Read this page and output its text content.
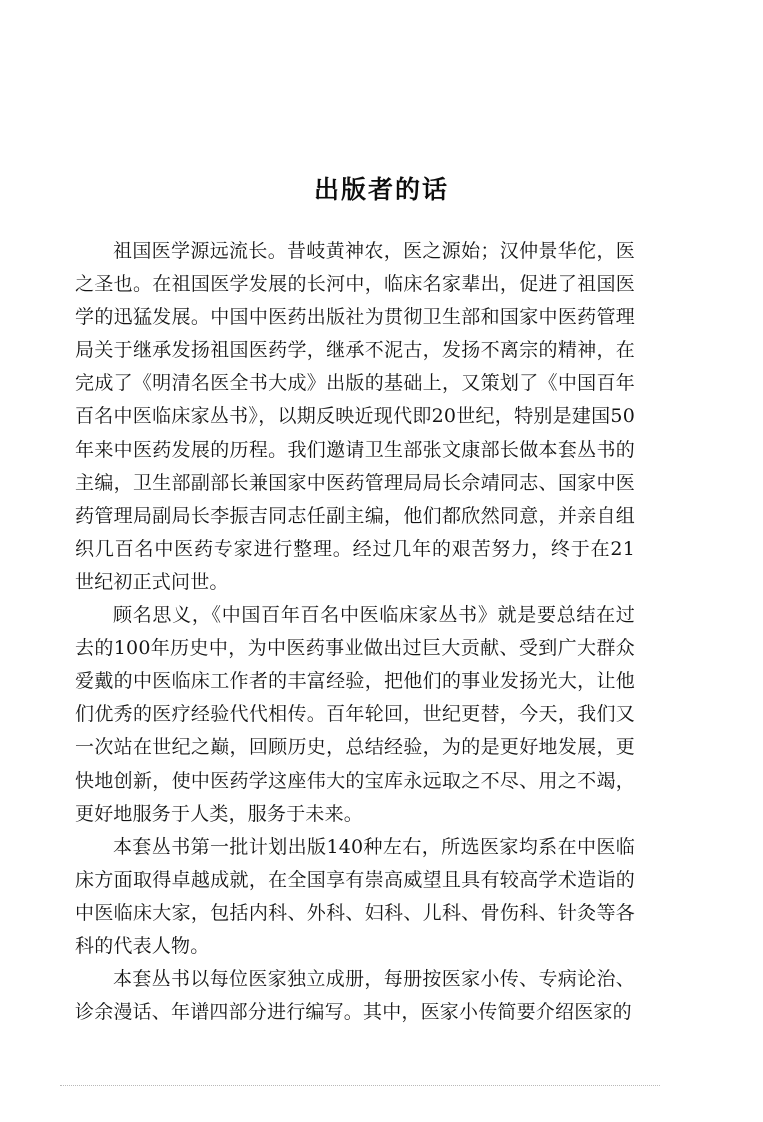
出版者的话

祖国医学源远流长。昔岐黄神农，医之源始；汉仲景华佗，医之圣也。在祖国医学发展的长河中，临床名家辈出，促进了祖国医学的迅猛发展。中国中医药出版社为贯彻卫生部和国家中医药管理局关于继承发扬祖国医药学，继承不泥古，发扬不离宗的精神，在完成了《明清名医全书大成》出版的基础上，又策划了《中国百年百名中医临床家丛书》，以期反映近现代即20世纪，特别是建国50年来中医药发展的历程。我们邀请卫生部张文康部长做本套丛书的主编，卫生部副部长兼国家中医药管理局局长佘靖同志、国家中医药管理局副局长李振吉同志任副主编，他们都欣然同意，并亲自组织几百名中医药专家进行整理。经过几年的艰苦努力，终于在21世纪初正式问世。

顾名思义，《中国百年百名中医临床家丛书》就是要总结在过去的100年历史中，为中医药事业做出过巨大贡献、受到广大群众爱戴的中医临床工作者的丰富经验，把他们的事业发扬光大，让他们优秀的医疗经验代代相传。百年轮回，世纪更替，今天，我们又一次站在世纪之巅，回顾历史，总结经验，为的是更好地发展，更快地创新，使中医药学这座伟大的宝库永远取之不尽、用之不竭，更好地服务于人类，服务于未来。

本套丛书第一批计划出版140种左右，所选医家均系在中医临床方面取得卓越成就，在全国享有崇高威望且具有较高学术造诣的中医临床大家，包括内科、外科、妇科、儿科、骨伤科、针灸等各科的代表人物。

本套丛书以每位医家独立成册，每册按医家小传、专病论治、诊余漫话、年谱四部分进行编写。其中，医家小传简要介绍医家的
